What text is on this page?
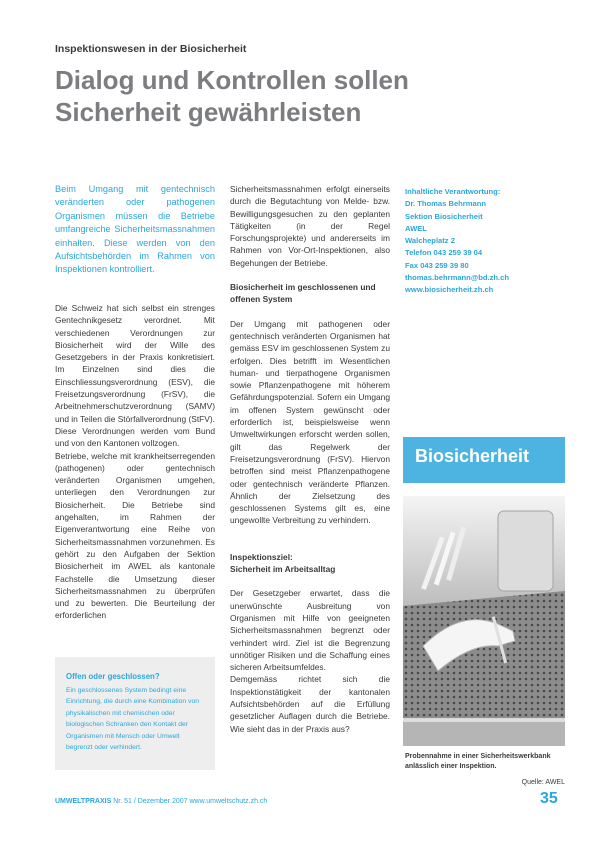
Inspektionswesen in der Biosicherheit
Dialog und Kontrollen sollen
Sicherheit gewährleisten
Beim Umgang mit gentechnisch veränderten oder pathogenen Organismen müssen die Betriebe umfangreiche Sicherheitsmassnahmen einhalten. Diese werden von den Aufsichtsbehörden im Rahmen von Inspektionen kontrolliert.

Die Schweiz hat sich selbst ein strenges Gentechnikgesetz verordnet. Mit verschiedenen Verordnungen zur Biosicherheit wird der Wille des Gesetzgebers in der Praxis konkretisiert. Im Einzelnen sind dies die Einschliessungsverordnung (ESV), die Freisetzungsverordnung (FrSV), die Arbeitnehmerschutzverordnung (SAMV) und in Teilen die Störfallverordnung (StFV). Diese Verordnungen werden vom Bund und von den Kantonen vollzogen.

Betriebe, welche mit krankheitserregenden (pathogenen) oder gentechnisch veränderten Organismen umgehen, unterliegen den Verordnungen zur Biosicherheit. Die Betriebe sind angehalten, im Rahmen der Eigenverantwortung eine Reihe von Sicherheitsmassnahmen vorzunehmen. Es gehört zu den Aufgaben der Sektion Biosicherheit im AWEL als kantonale Fachstelle die Umsetzung dieser Sicherheitsmassnahmen zu überprüfen und zu bewerten. Die Beurteilung der erforderlichen

Sicherheitsmassnahmen erfolgt einerseits durch die Begutachtung von Melde- bzw. Bewilligungsgesuchen zu den geplanten Tätigkeiten (in der Regel Forschungsprojekte) und andererseits im Rahmen von Vor-Ort-Inspektionen, also Begehungen der Betriebe.

Biosicherheit im geschlossenen und offenen System

Der Umgang mit pathogenen oder gentechnisch veränderten Organismen hat gemäss ESV im geschlossenen System zu erfolgen. Dies betrifft im Wesentlichen human- und tierpathogene Organismen sowie Pflanzenpathogene mit höherem Gefährdungspotenzial. Sofern ein Umgang im offenen System gewünscht oder erforderlich ist, beispielsweise wenn Umweltwirkungen erforscht werden sollen, gilt das Regelwerk der Freisetzungsverordnung (FrSV). Hiervon betroffen sind meist Pflanzenpathogene oder gentechnisch veränderte Pflanzen. Ähnlich der Zielsetzung des geschlossenen Systems gilt es, eine ungewollte Verbreitung zu verhindern.

Inspektionsziel:

Sicherheit im Arbeitsalltag

Der Gesetzgeber erwartet, dass die unerwünschte Ausbreitung von Organismen mit Hilfe von geeigneten Sicherheitsmassnahmen begrenzt oder verhindert wird. Ziel ist die Begrenzung unnötiger Risiken und die Schaffung eines sicheren Arbeitsumfeldes.

Demgemäss richtet sich die Inspektionstätigkeit der kantonalen Aufsichtsbehörden auf die Erfüllung gesetzlicher Auflagen durch die Betriebe. Wie sieht das in der Praxis aus?

Inhaltliche Verantwortung:
Dr. Thomas Behrmann
Sektion Biosicherheit
AWEL
Walcheplatz 2
Telefon 043 259 39 04
Fax 043 259 39 80
thomas.behrmann@bd.zh.ch
www.biosicherheit.zh.ch
Biosicherheit
Probennahme in einer Sicherheitswerkbank
anlässlich einer Inspektion.
Quelle: AWEL
Offen oder geschlossen?
Ein geschlossenes System bedingt eine Einrichtung, die durch eine Kombination von physikalischen mit chemischen oder biologischen Schranken den Kontakt der Organismen mit Mensch oder Umwelt begrenzt oder verhindert.
UMWELTPRAXIS Nr. 51 / Dezember 2007 www.umweltschutz.zh.ch	35
